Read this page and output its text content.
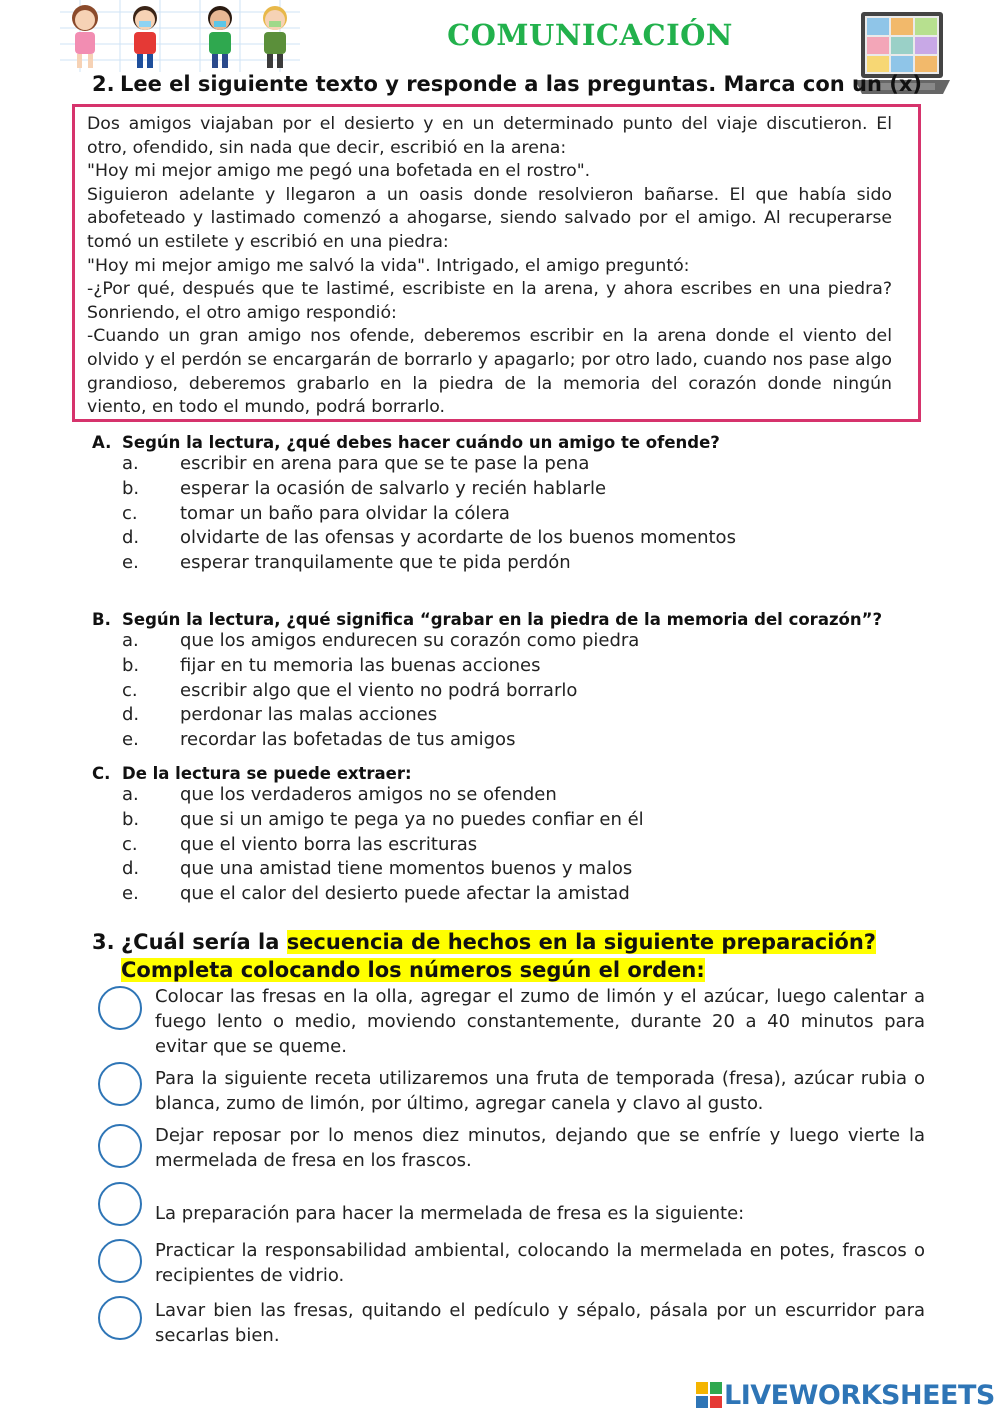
COMUNICACIÓN
2. Lee el siguiente texto y responde a las preguntas. Marca con un (x)

Dos amigos viajaban por el desierto y en un determinado punto del viaje discutieron. El otro, ofendido, sin nada que decir, escribió en la arena:

"Hoy mi mejor amigo me pegó una bofetada en el rostro".

Siguieron adelante y llegaron a un oasis donde resolvieron bañarse. El que había sido abofeteado y lastimado comenzó a ahogarse, siendo salvado por el amigo. Al recuperarse tomó un estilete y escribió en una piedra:

"Hoy mi mejor amigo me salvó la vida". Intrigado, el amigo preguntó:

-¿Por qué, después que te lastimé, escribiste en la arena, y ahora escribes en una piedra? Sonriendo, el otro amigo respondió:

-Cuando un gran amigo nos ofende, deberemos escribir en la arena donde el viento del olvido y el perdón se encargarán de borrarlo y apagarlo; por otro lado, cuando nos pase algo grandioso, deberemos grabarlo en la piedra de la memoria del corazón donde ningún viento, en todo el mundo, podrá borrarlo.

A. Según la lectura, ¿qué debes hacer cuándo un amigo te ofende?
a. escribir en arena para que se te pase la pena
b. esperar la ocasión de salvarlo y recién hablarle
c. tomar un baño para olvidar la cólera
d. olvidarte de las ofensas y acordarte de los buenos momentos
e. esperar tranquilamente que te pida perdón
B. Según la lectura, ¿qué significa “grabar en la piedra de la memoria del corazón”?
a. que los amigos endurecen su corazón como piedra
b. fijar en tu memoria las buenas acciones
c. escribir algo que el viento no podrá borrarlo
d. perdonar las malas acciones
e. recordar las bofetadas de tus amigos
C. De la lectura se puede extraer:
a. que los verdaderos amigos no se ofenden
b. que si un amigo te pega ya no puedes confiar en él
c. que el viento borra las escrituras
d. que una amistad tiene momentos buenos y malos
e. que el calor del desierto puede afectar la amistad
3. ¿Cuál sería la secuencia de hechos en la siguiente preparación?
Completa colocando los números según el orden:
Colocar las fresas en la olla, agregar el zumo de limón y el azúcar, luego calentar a fuego lento o medio, moviendo constantemente, durante 20 a 40 minutos para evitar que se queme.
Para la siguiente receta utilizaremos una fruta de temporada (fresa), azúcar rubia o blanca, zumo de limón, por último, agregar canela y clavo al gusto.
Dejar reposar por lo menos diez minutos, dejando que se enfríe y luego vierte la mermelada de fresa en los frascos.
La preparación para hacer la mermelada de fresa es la siguiente:
Practicar la responsabilidad ambiental, colocando la mermelada en potes, frascos o recipientes de vidrio.
Lavar bien las fresas, quitando el pedículo y sépalo, pásala por un escurridor para secarlas bien.
LIVEWORKSHEETS
